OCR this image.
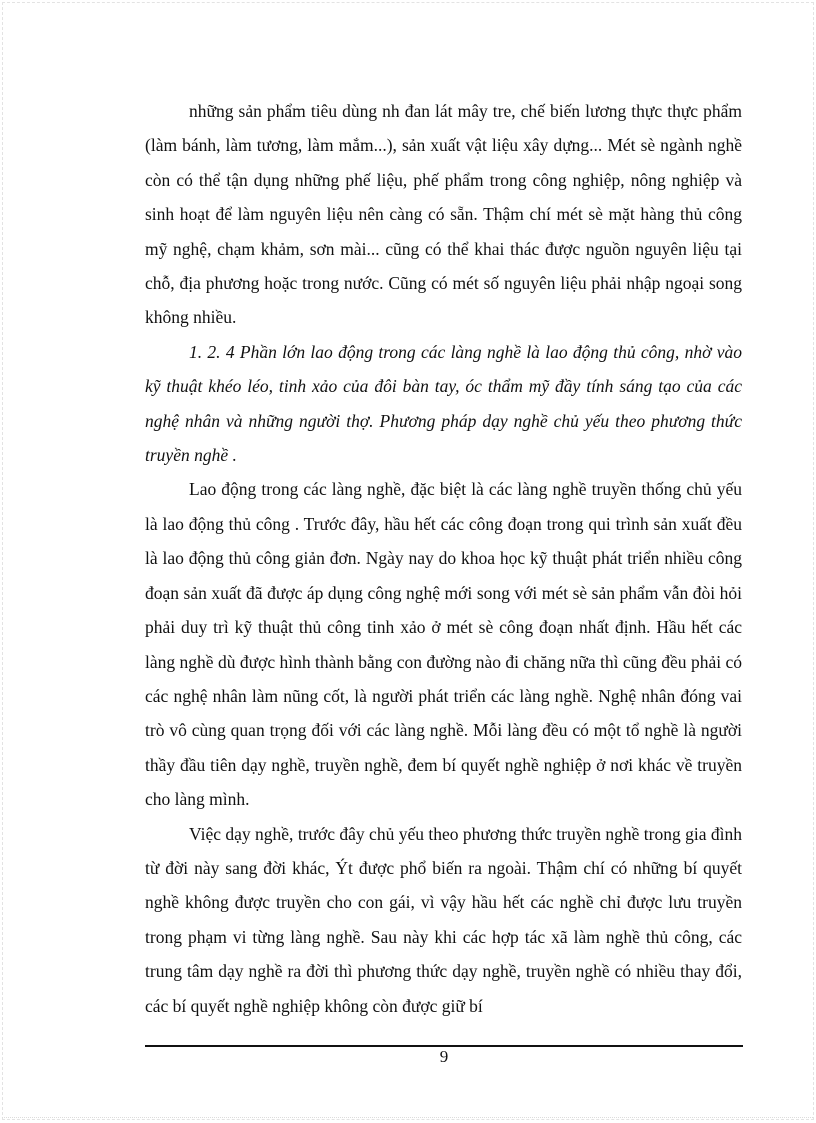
những sản phẩm tiêu dùng nh đan lát mây tre, chế biến lương thực thực phẩm (làm bánh, làm tương, làm mắm...), sản xuất vật liệu xây dựng... Mét sè ngành nghề còn có thể tận dụng những phế liệu, phế phẩm trong công nghiệp, nông nghiệp và sinh hoạt để làm nguyên liệu nên càng có sẵn. Thậm chí mét sè mặt hàng thủ công mỹ nghệ, chạm khảm, sơn mài... cũng có thể khai thác được nguồn nguyên liệu tại chỗ, địa phương hoặc trong nước. Cũng có mét số nguyên liệu phải nhập ngoại song không nhiều.

1. 2. 4 Phần lớn lao động trong các làng nghề là lao động thủ công, nhờ vào kỹ thuật khéo léo, tinh xảo của đôi bàn tay, óc thẩm mỹ đầy tính sáng tạo của các nghệ nhân và những người thợ. Phương pháp dạy nghề chủ yếu theo phương thức truyền nghề .

Lao động trong các làng nghề, đặc biệt là các làng nghề truyền thống chủ yếu là lao động thủ công . Trước đây, hầu hết các công đoạn trong qui trình sản xuất đều là lao động thủ công giản đơn. Ngày nay do khoa học kỹ thuật phát triển nhiều công đoạn sản xuất đã được áp dụng công nghệ mới song với mét sè sản phẩm vẫn đòi hỏi phải duy trì kỹ thuật thủ công tinh xảo ở mét sè công đoạn nhất định. Hầu hết các làng nghề dù được hình thành bằng con đường nào đi chăng nữa thì cũng đều phải có các nghệ nhân làm nũng cốt, là người phát triển các làng nghề. Nghệ nhân đóng vai trò vô cùng quan trọng đối với các làng nghề. Mỗi làng đều có một tổ nghề là người thầy đầu tiên dạy nghề, truyền nghề, đem bí quyết nghề nghiệp ở nơi khác về truyền cho làng mình.

Việc dạy nghề, trước đây chủ yếu theo phương thức truyền nghề trong gia đình từ đời này sang đời khác, Ýt được phổ biến ra ngoài. Thậm chí có những bí quyết nghề không được truyền cho con gái, vì vậy hầu hết các nghề chỉ được lưu truyền trong phạm vi từng làng nghề. Sau này khi các hợp tác xã làm nghề thủ công, các trung tâm dạy nghề ra đời thì phương thức dạy nghề, truyền nghề có nhiều thay đổi, các bí quyết nghề nghiệp không còn được giữ bí

9
